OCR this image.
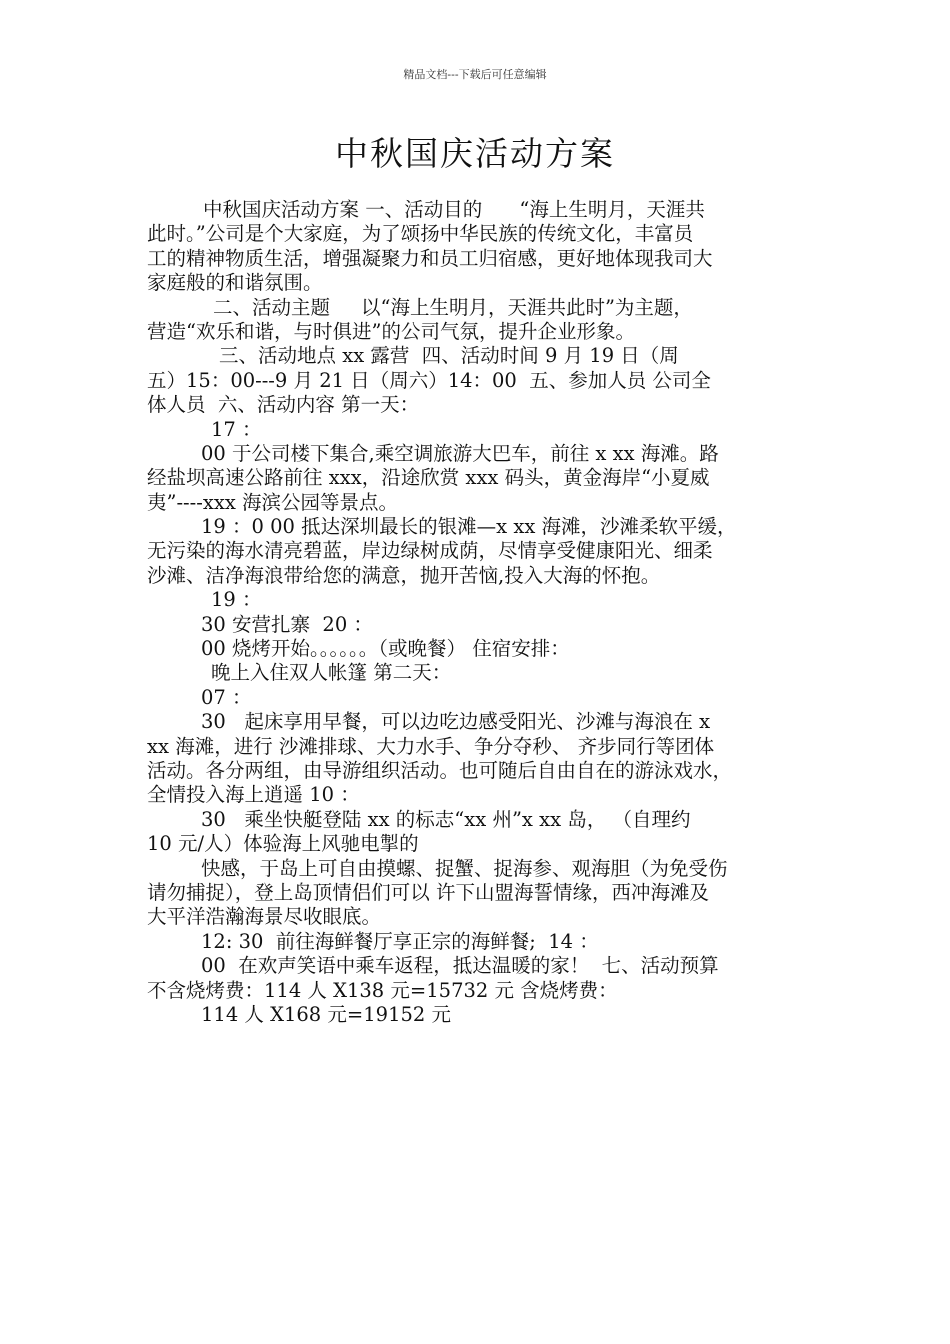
精品文档---下载后可任意编辑
中秋国庆活动方案
中秋国庆活动方案 一、活动目的      “海上生明月，天涯共
此时。”公司是个大家庭，为了颂扬中华民族的传统文化，丰富员
工的精神物质生活，增强凝聚力和员工归宿感，更好地体现我司大
家庭般的和谐氛围。
二、活动主题     以“海上生明月，天涯共此时”为主题，
营造“欢乐和谐，与时俱进”的公司气氛，提升企业形象。
三、活动地点 xx 露营  四、活动时间 9 月 19 日（周
五）15：00---9 月 21 日（周六）14：00  五、参加人员 公司全
体人员  六、活动内容 第一天：
17 ：
00 于公司楼下集合,乘空调旅游大巴车，前往 x xx 海滩。路
经盐坝高速公路前往 xxx，沿途欣赏 xxx 码头，黄金海岸“小夏威
夷”----xxx 海滨公园等景点。
19 ：0 00 抵达深圳最长的银滩—x xx 海滩，沙滩柔软平缓，
无污染的海水清亮碧蓝，岸边绿树成荫，尽情享受健康阳光、细柔
沙滩、洁净海浪带给您的满意，抛开苦恼,投入大海的怀抱。
19 ：
30 安营扎寨  20 ：
00 烧烤开始。。。。。。（或晚餐） 住宿安排：
晚上入住双人帐篷 第二天：
07 ：
30   起床享用早餐，可以边吃边感受阳光、沙滩与海浪在 x
xx 海滩，进行 沙滩排球、大力水手、争分夺秒、 齐步同行等团体
活动。各分两组，由导游组织活动。也可随后自由自在的游泳戏水，
全情投入海上逍遥 10 ：
30   乘坐快艇登陆 xx 的标志“xx 州”x xx 岛， （自理约
10 元/人）体验海上风驰电掣的
快感，于岛上可自由摸螺、捉蟹、捉海参、观海胆（为免受伤
请勿捕捉），登上岛顶情侣们可以 许下山盟海誓情缘，西冲海滩及
大平洋浩瀚海景尽收眼底。
12: 30  前往海鲜餐厅享正宗的海鲜餐;  14 ：
00  在欢声笑语中乘车返程，抵达温暖的家！  七、活动预算
不含烧烤费：114 人 X138 元=15732 元 含烧烤费：
114 人 X168 元=19152 元
